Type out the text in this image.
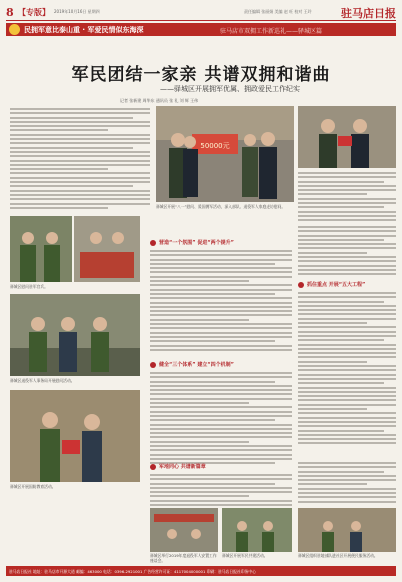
8 【专版】 2019年10月16日 星期四	责任编辑 张丽娟 美编 赵 旺 校对 王玲	驻马店日报
民拥军意比泰山重 · 军爱民情似东海深	驻马店市双拥工作新巡礼——驿城区篇
军民团结一家亲 共谱双拥和谐曲
——驿城区开展拥军优属、拥政爱民工作纪实
记者 张新建 周华东 通讯员 张 礼 刘 辉 王伟
50000元
驿城区开展“八一”慰问、爱国拥军活动，深入部队、退役军人家庭走访慰问。
驿城区慰问驻军官兵。
驿城区退役军人事务局开展慰问活动。
驿城区开展国防教育活动。
营造“一个氛围” 促进“两个提升”
健全“三个体系” 建立“四个机制”
抓住重点 开展“五大工程”
军地同心 共谱新篇章
驿城区举行2019年度退役军人安置工作座谈会。
驿城区开展军民共建活动。	驿城区组织驻地部队进社区开展便民服务活动。
驻马店日报社 地址：驻马店市开源大道 邮编：463000 电话：0396-2921001 广告经营许可证：4117004000001 印刷：驻马店日报社印务中心
